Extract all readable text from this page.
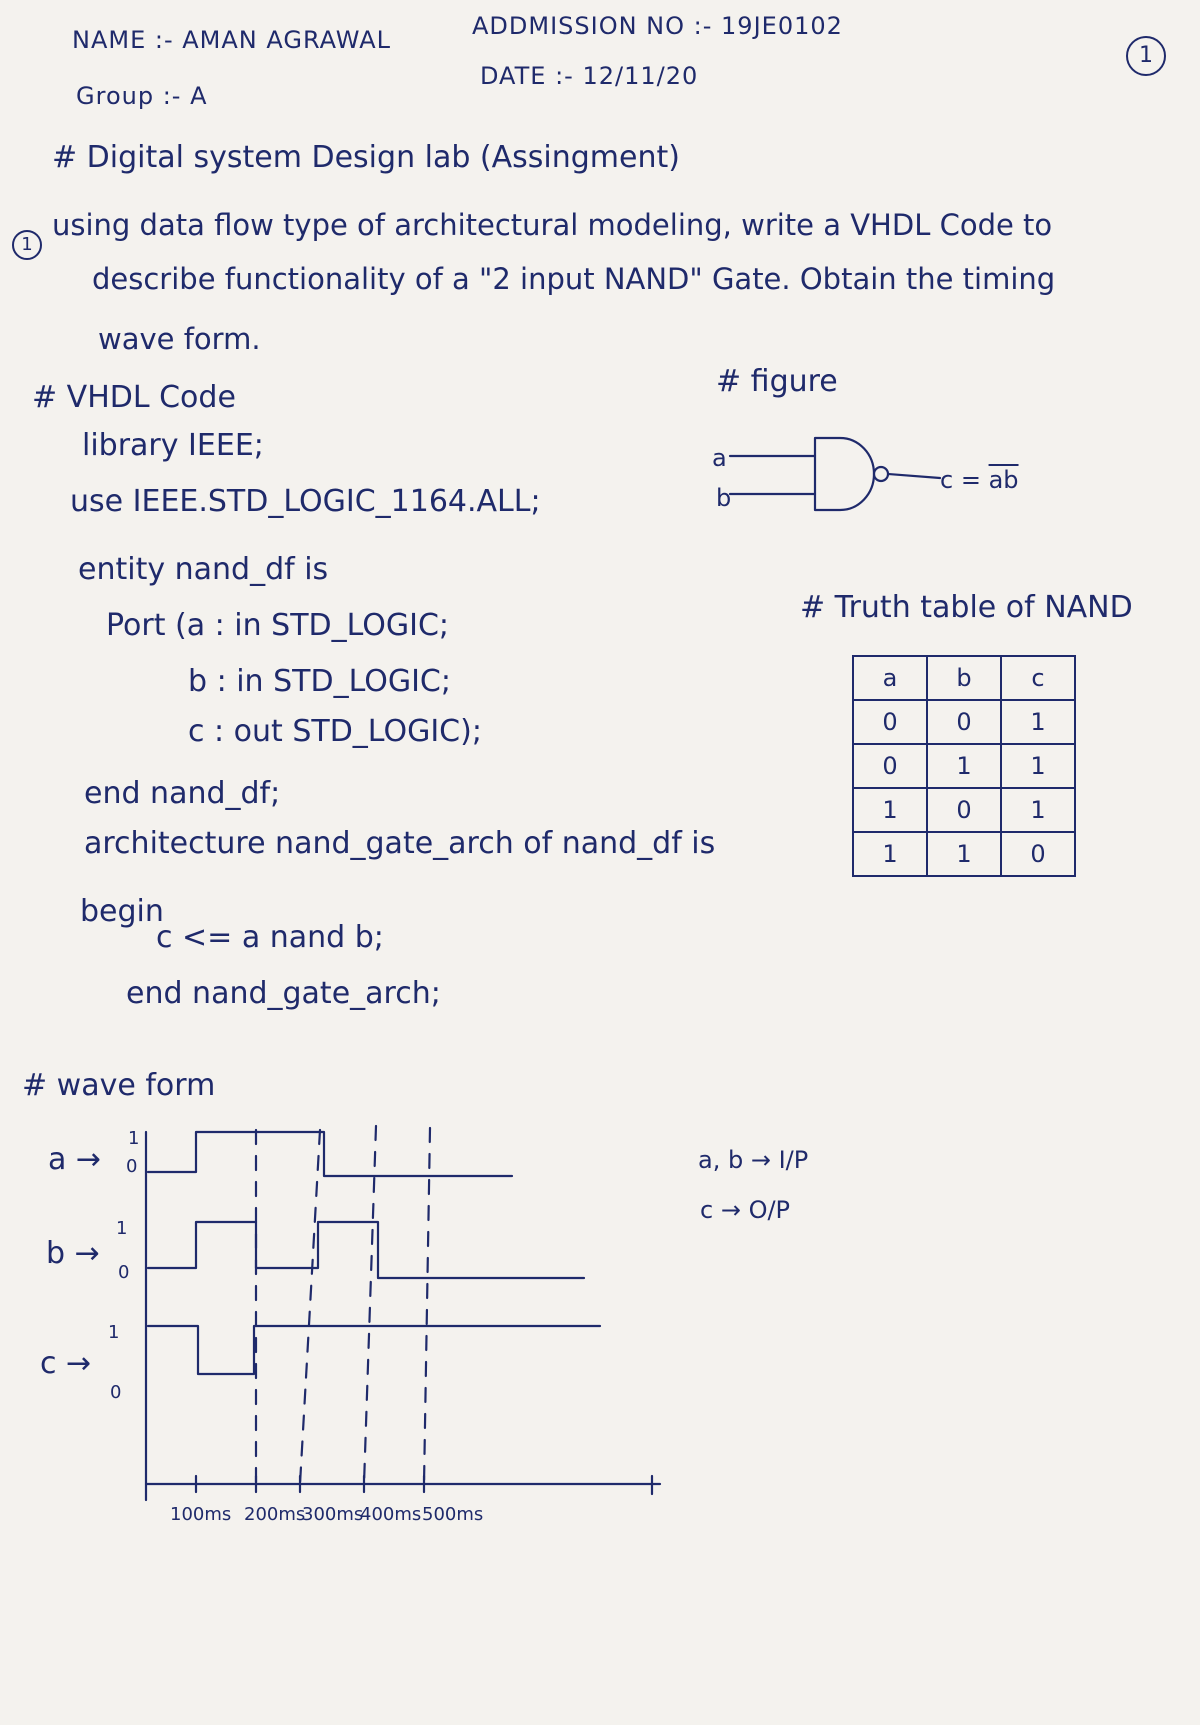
NAME :- AMAN AGRAWAL	ADDMISSION NO :- 19JE0102
Group :- A
DATE :- 12/11/20
1
# Digital system Design lab (Assingment)
1
using data flow type of architectural modeling, write a VHDL Code to
describe functionality of a "2 input NAND" Gate. Obtain the timing
wave form.
# VHDL Code
library IEEE;
use IEEE.STD_LOGIC_1164.ALL;
entity nand_df is
Port (a : in STD_LOGIC;
b : in STD_LOGIC;
c : out STD_LOGIC);
end nand_df;
architecture nand_gate_arch of nand_df is
begin
c <= a nand b;
end nand_gate_arch;
# figure
a
b
$c = \overline{ab}$
# Truth table of NAND
a	b	c
0	0	1
0	1	1
1	0	1
1	1	0
# wave form
a, b → I/P
c → O/P
a →
1
0
b →
1
0
c →
1
0
100ms 200ms
300ms
400ms 500ms
